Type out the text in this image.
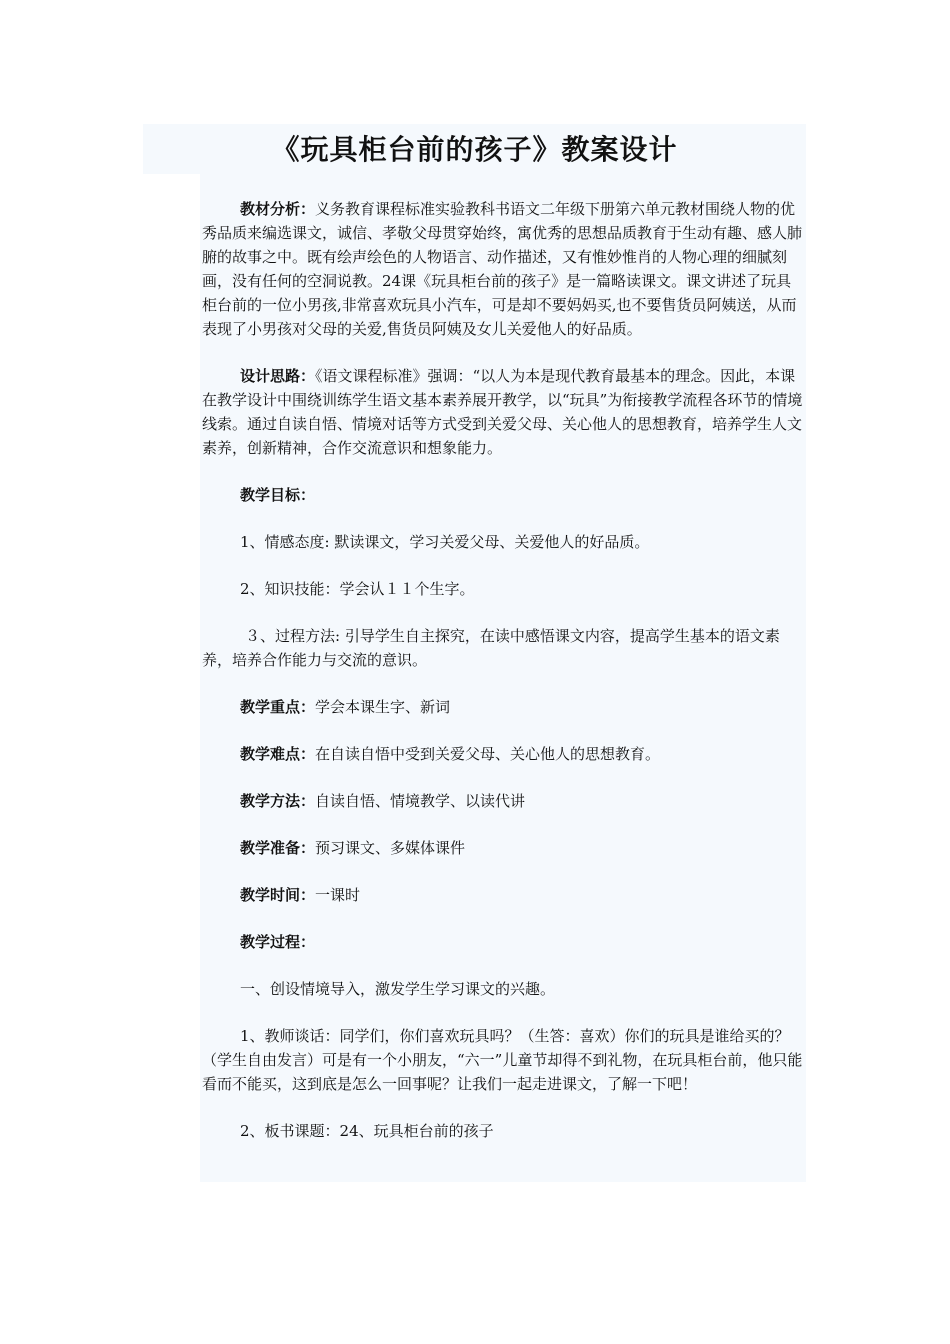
《玩具柜台前的孩子》教案设计

教材分析：义务教育课程标准实验教科书语文二年级下册第六单元教材围绕人物的优秀品质来编选课文，诚信、孝敬父母贯穿始终，寓优秀的思想品质教育于生动有趣、感人肺腑的故事之中。既有绘声绘色的人物语言、动作描述，又有惟妙惟肖的人物心理的细腻刻画，没有任何的空洞说教。24课《玩具柜台前的孩子》是一篇略读课文。课文讲述了玩具柜台前的一位小男孩,非常喜欢玩具小汽车，可是却不要妈妈买,也不要售货员阿姨送，从而表现了小男孩对父母的关爱,售货员阿姨及女儿关爱他人的好品质。

设计思路：《语文课程标准》强调：“以人为本是现代教育最基本的理念。因此，本课在教学设计中围绕训练学生语文基本素养展开教学，以“玩具”为衔接教学流程各环节的情境线索。通过自读自悟、情境对话等方式受到关爱父母、关心他人的思想教育，培养学生人文素养，创新精神，合作交流意识和想象能力。

教学目标：

1、情感态度: 默读课文，学习关爱父母、关爱他人的好品质。

2、知识技能：学会认１１个生字。

３、过程方法: 引导学生自主探究，在读中感悟课文内容，提高学生基本的语文素养，培养合作能力与交流的意识。

教学重点：学会本课生字、新词

教学难点：在自读自悟中受到关爱父母、关心他人的思想教育。

教学方法：自读自悟、情境教学、以读代讲

教学准备：预习课文、多媒体课件

教学时间：一课时

教学过程：

一、创设情境导入，激发学生学习课文的兴趣。

1、教师谈话：同学们，你们喜欢玩具吗？（生答：喜欢）你们的玩具是谁给买的？（学生自由发言）可是有一个小朋友，“六一”儿童节却得不到礼物，在玩具柜台前，他只能看而不能买，这到底是怎么一回事呢？让我们一起走进课文，了解一下吧！

2、板书课题：24、玩具柜台前的孩子
